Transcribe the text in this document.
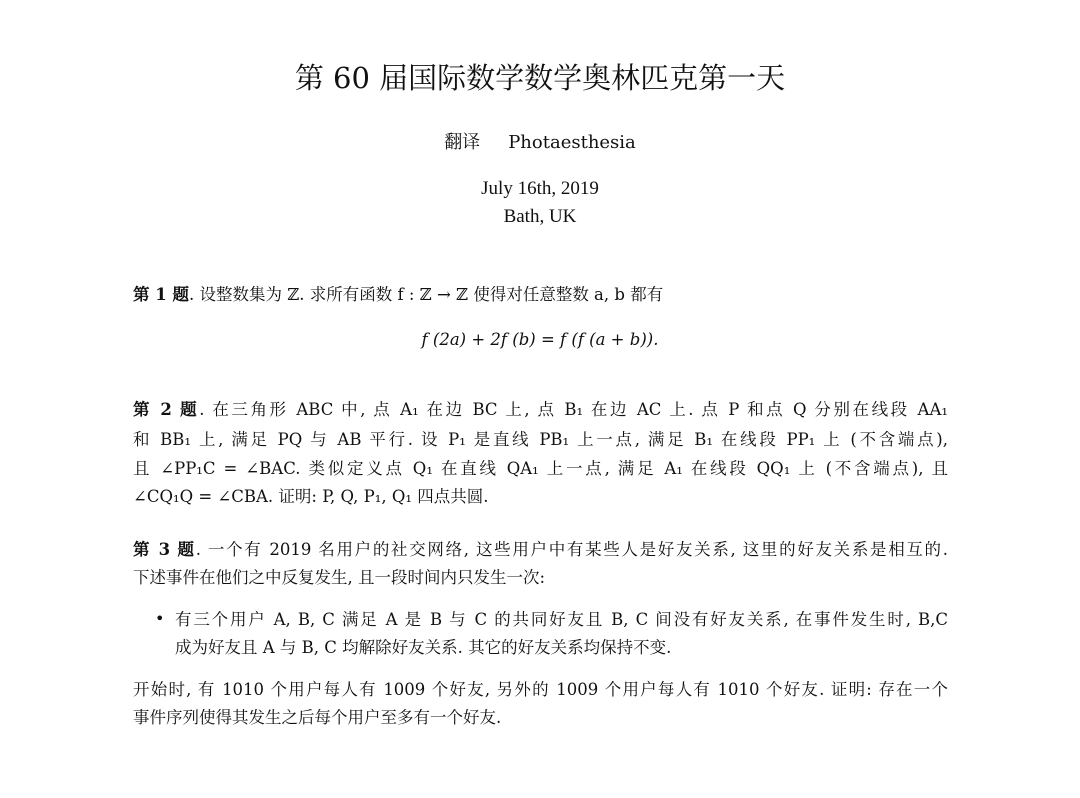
第 60 届国际数学数学奥林匹克第一天
翻译 Photaesthesia
July 16th, 2019
Bath, UK
第 1 题. 设整数集为 ℤ. 求所有函数 f : ℤ → ℤ 使得对任意整数 a, b 都有
f (2a) + 2f (b) = f (f (a + b)).
第 2 题. 在三角形 ABC 中, 点 A₁ 在边 BC 上, 点 B₁ 在边 AC 上. 点 P 和点 Q 分别在线段 AA₁
和 BB₁ 上, 满足 PQ 与 AB 平行. 设 P₁ 是直线 PB₁ 上一点, 满足 B₁ 在线段 PP₁ 上 (不含端点),
且 ∠PP₁C = ∠BAC. 类似定义点 Q₁ 在直线 QA₁ 上一点, 满足 A₁ 在线段 QQ₁ 上 (不含端点), 且
∠CQ₁Q = ∠CBA. 证明: P, Q, P₁, Q₁ 四点共圆.
第 3 题. 一个有 2019 名用户的社交网络, 这些用户中有某些人是好友关系, 这里的好友关系是相互的.
下述事件在他们之中反复发生, 且一段时间内只发生一次:
• 有三个用户 A, B, C 满足 A 是 B 与 C 的共同好友且 B, C 间没有好友关系, 在事件发生时, B,C
成为好友且 A 与 B, C 均解除好友关系. 其它的好友关系均保持不变.
开始时, 有 1010 个用户每人有 1009 个好友, 另外的 1009 个用户每人有 1010 个好友. 证明: 存在一个
事件序列使得其发生之后每个用户至多有一个好友.
